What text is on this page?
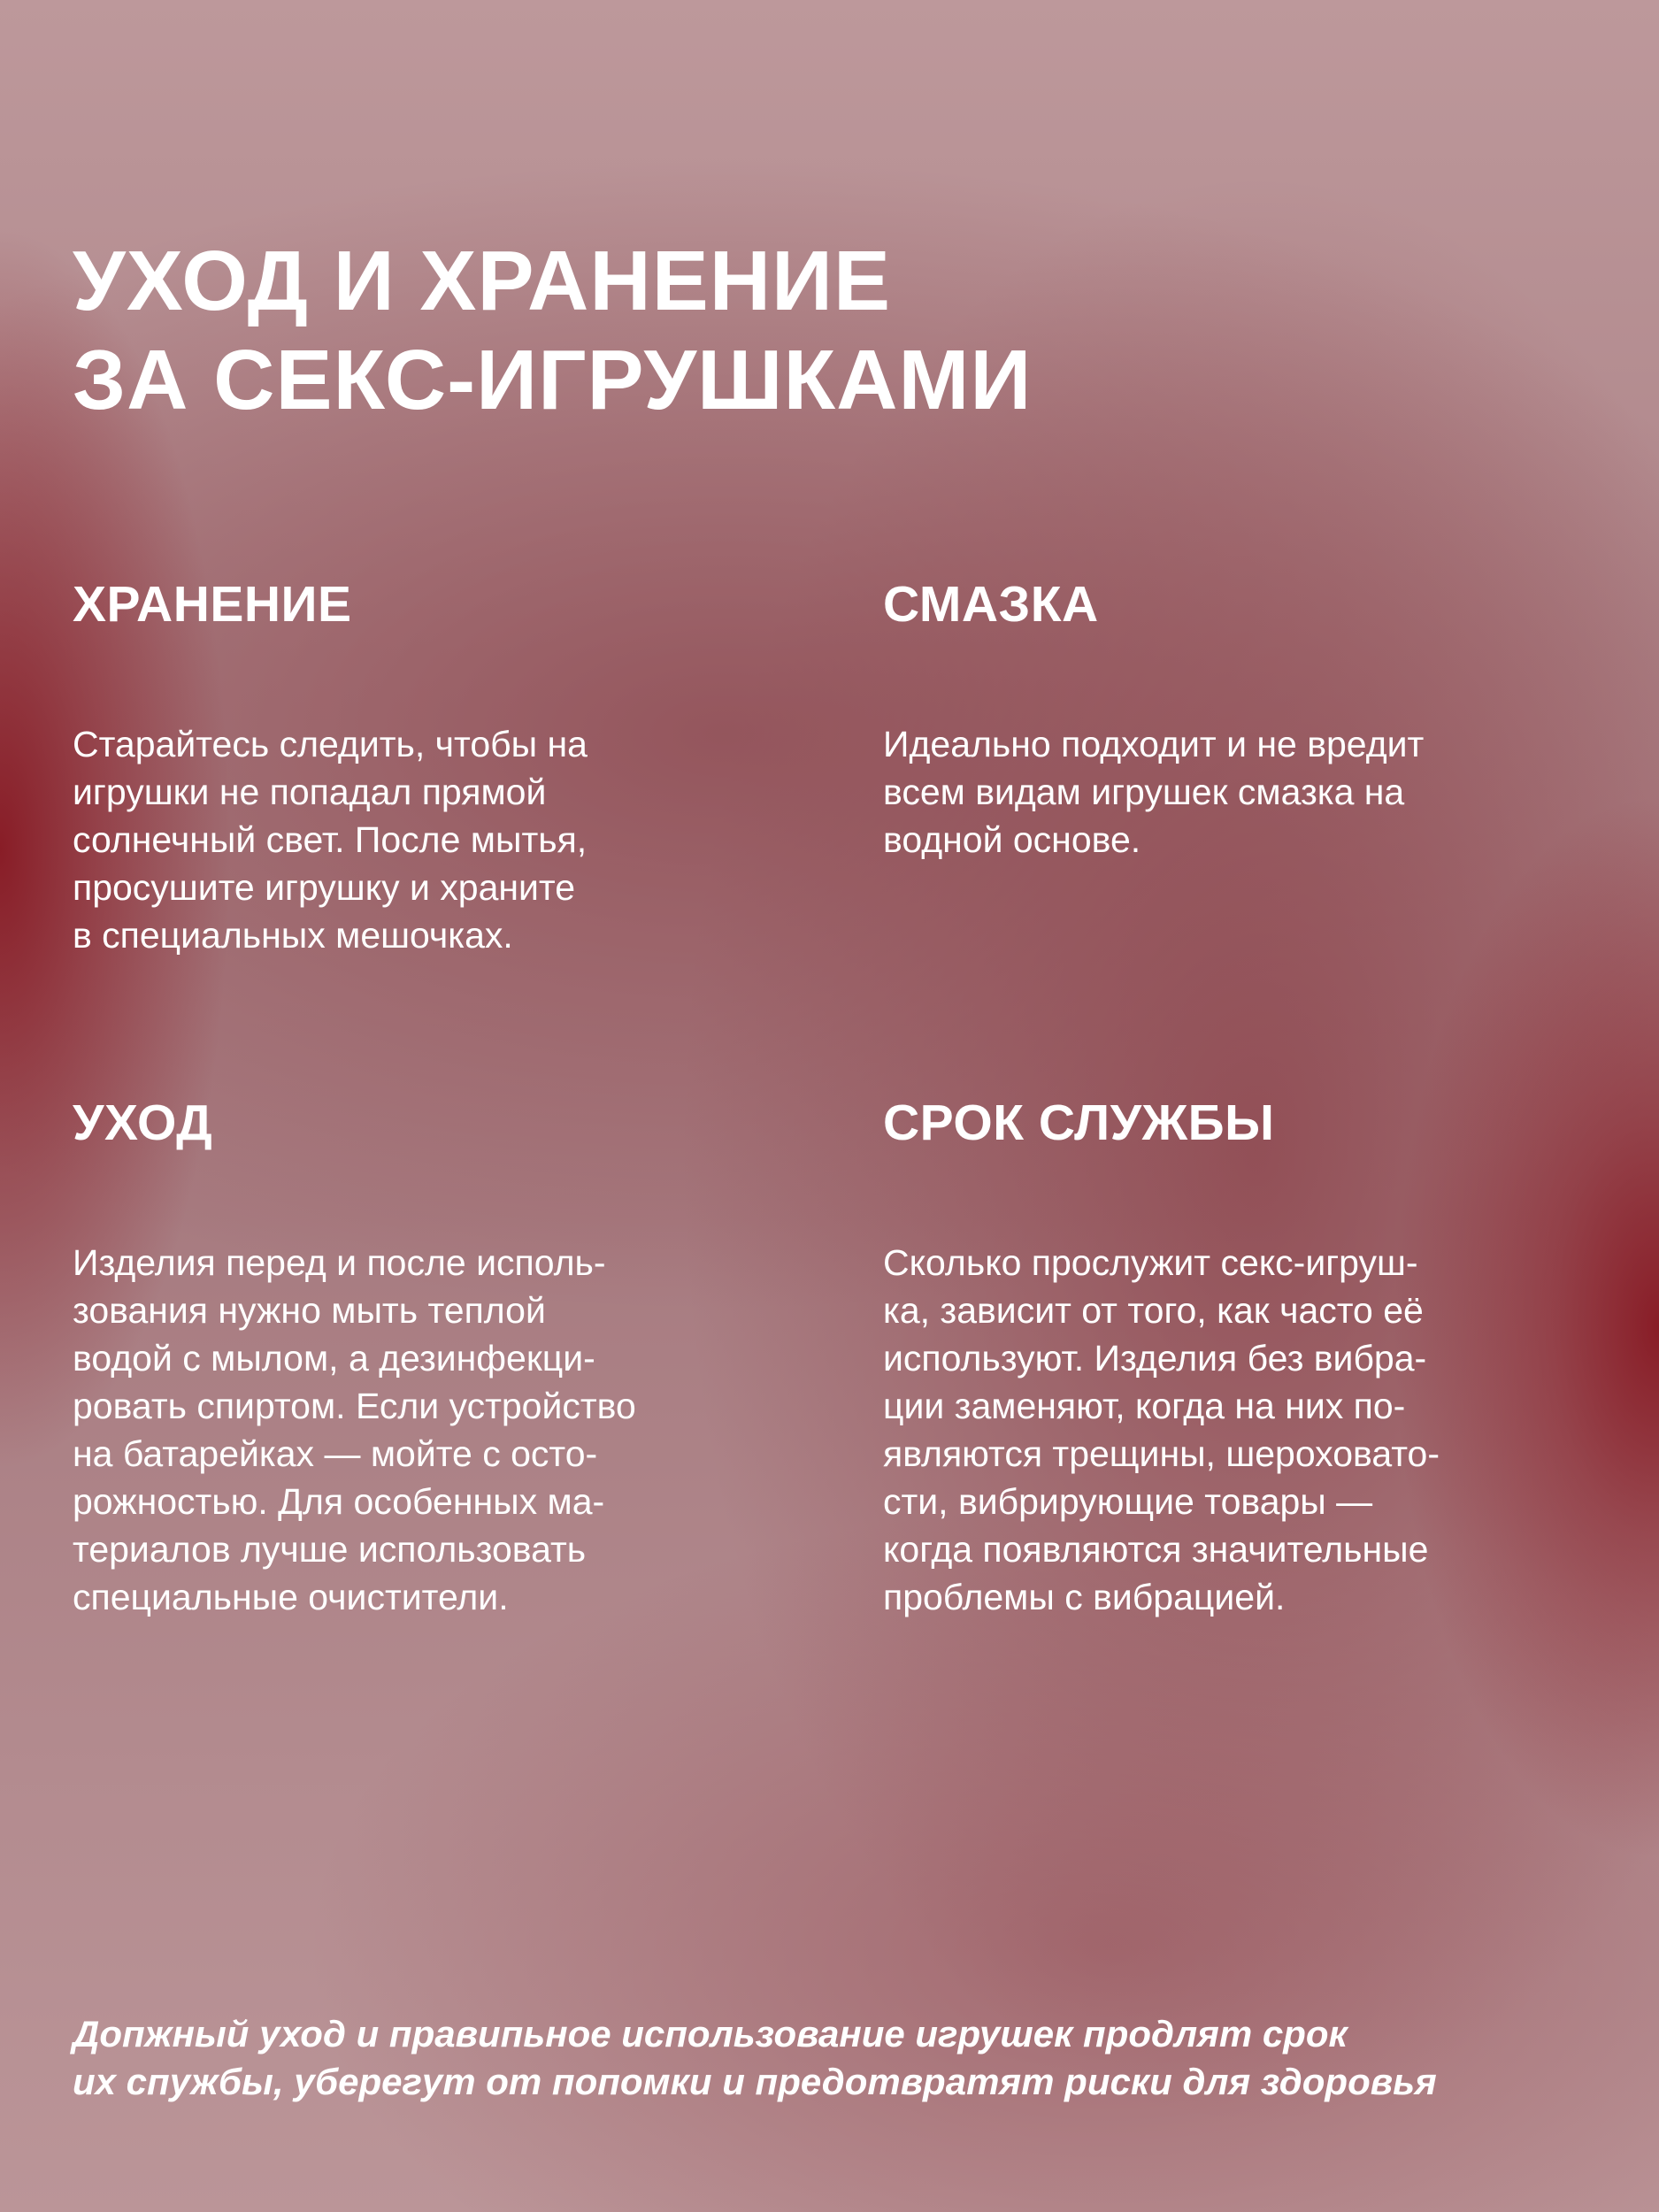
УХОД И ХРАНЕНИЕ
ЗА СЕКС-ИГРУШКАМИ
ХРАНЕНИЕ

Старайтесь следить, чтобы на
игрушки не попадал прямой
солнечный свет. После мытья,
просушите игрушку и храните
в специальных мешочках.

СМАЗКА

Идеально подходит и не вредит
всем видам игрушек смазка на
водной основе.

УХОД

Изделия перед и после исполь-
зования нужно мыть теплой
водой с мылом, а дезинфекци-
ровать спиртом. Если устройство
на батарейках — мойте с осто-
рожностью. Для особенных ма-
териалов лучше использовать
специальные очистители.

СРОК СЛУЖБЫ

Сколько прослужит секс-игруш-
ка, зависит от того, как часто её
используют. Изделия без вибра-
ции заменяют, когда на них по-
являются трещины, шероховато-
сти, вибрирующие товары —
когда появляются значительные
проблемы с вибрацией.

Допжный уход и правипьное использование игрушек продлят срок
их спужбы, уберегут от попомки и предотвратят риски для здоровья
